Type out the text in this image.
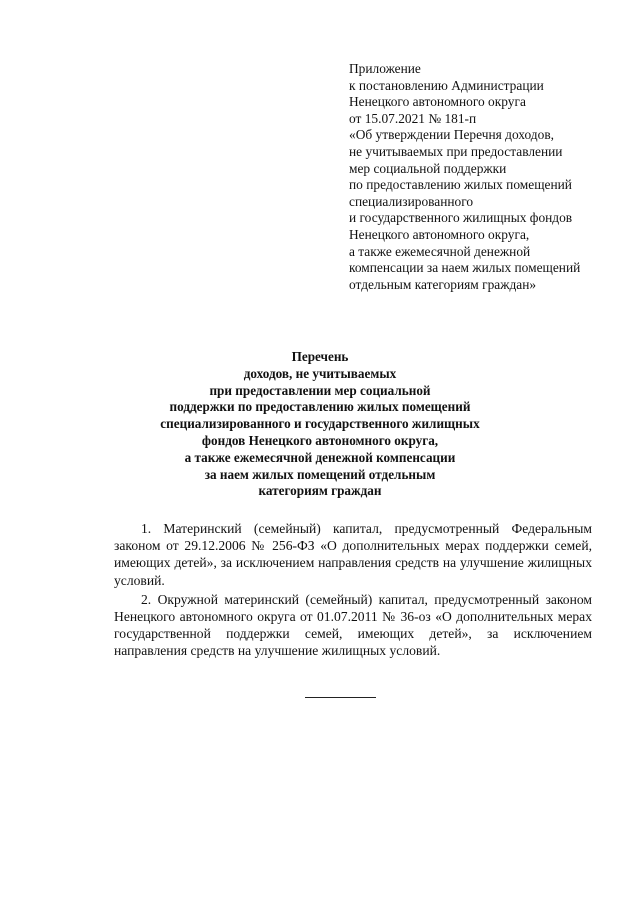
Приложение
к постановлению Администрации
Ненецкого автономного округа
от 15.07.2021 № 181-п
«Об утверждении Перечня доходов,
не учитываемых при предоставлении
мер социальной поддержки
по предоставлению жилых помещений
специализированного
и государственного жилищных фондов
Ненецкого автономного округа,
а также ежемесячной денежной
компенсации за наем жилых помещений
отдельным категориям граждан»
Перечень
доходов, не учитываемых
при предоставлении мер социальной
поддержки по предоставлению жилых помещений
специализированного и государственного жилищных
фондов Ненецкого автономного округа,
а также ежемесячной денежной компенсации
за наем жилых помещений отдельным
категориям граждан

1. Материнский (семейный) капитал, предусмотренный Федеральным законом от 29.12.2006 № 256-ФЗ «О дополнительных мерах поддержки семей, имеющих детей», за исключением направления средств на улучшение жилищных условий.

2. Окружной материнский (семейный) капитал, предусмотренный законом Ненецкого автономного округа от 01.07.2011 № 36-оз «О дополнительных мерах государственной поддержки семей, имеющих детей», за исключением направления средств на улучшение жилищных условий.
